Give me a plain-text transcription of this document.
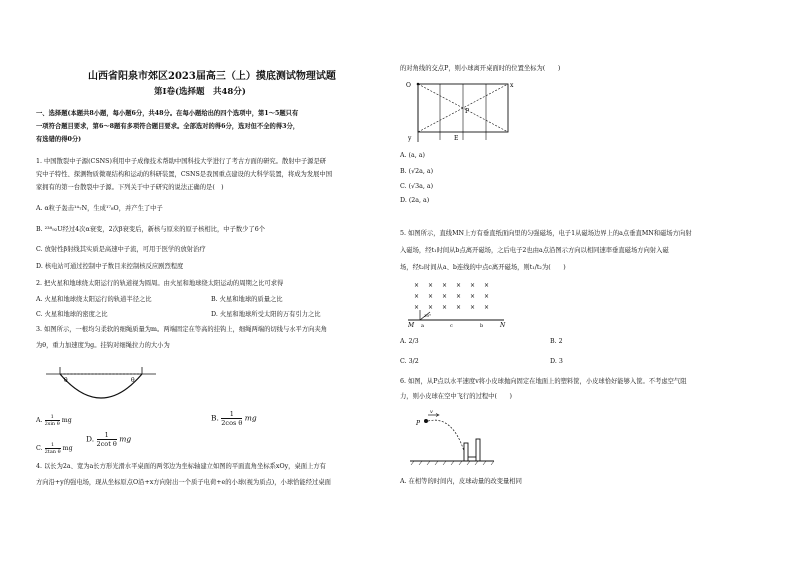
山西省阳泉市郊区2023届高三（上）摸底测试物理试题
第Ⅰ卷(选择题　共48分)
一、选择题(本题共8小题，每小题6分，共48分。在每小题给出的四个选项中，第1～5题只有
一项符合题目要求，第6～8题有多项符合题目要求。全部选对的得6分，选对但不全的得3分，
有选错的得0分)
1. 中国散裂中子源(CSNS)利用中子成像技术帮助中国科技大学进行了考古方面的研究。散射中子源是研
究中子特性、探测物质微观结构和运动的科研装置，CSNS是我国重点建设的大科学装置，将成为发展中国
家拥有的第一台散裂中子源。下列关于中子研究的说法正确的是(　)
A. α粒子轰击¹⁴₇N，生成¹⁷₈O，并产生了中子
B. ²³⁸₉₂U经过4次α衰变，2次β衰变后，新核与原来的原子核相比，中子数少了6个
C. 放射性β射线其实质是高速中子流，可用于医学的放射治疗
D. 核电站可通过控制中子数目来控制核反应剧烈程度
2. 把火星和地球绕太阳运行的轨道视为圆周。由火星和地球绕太阳运动的周期之比可求得
A. 火星和地球绕太阳运行的轨道半径之比	B. 火星和地球的质量之比
C. 火星和地球的密度之比	D. 火星和地球所受太阳的万有引力之比
3. 如图所示，一根均匀柔软的细绳质量为m。两端固定在等高的挂钩上，细绳两端的切线与水平方向夹角
为θ，重力加速度为g。挂钩对细绳拉力的大小为
θ	θ
A. $\frac{1}{\text{2sin θ}}$ mg	B. $\frac{1}{\text{2cos θ}}$ mg
C. $\frac{1}{\text{2tan θ}}$ mg
D. $\frac{1}{\text{2cot θ}}$ mg
4. 以长为2a、宽为a长方形光滑水平桌面的两邻边为坐标轴建立如图的平面直角坐标系xOy，桌面上方有
方向沿+y的强电场，现从坐标原点O沿+x方向射出一个质子电荷+e的小球(视为质点)，小球恰能经过桌面
的对角线的交点P，则小球离开桌面时的位置坐标为(　　)
O	x
y
P
E
A. (a, a)
B. (√2a, a)
C. (√3a, a)
D. (2a, a)
5. 如图所示，直线MN上方有垂直纸面向里的匀强磁场，电子1从磁场边界上的a点垂直MN和磁场方向射
入磁场，经t₁时间从b点离开磁场，之后电子2也由a点沿图示方向以相同速率垂直磁场方向射入磁
场，经t₂时间从a、b连线的中点c离开磁场，则t₁/t₂为(　　)
× × × × × ×
× × × × × ×
× × × × × ×
M	N
a	c	b
30°
A. 2/3	B. 2
C. 3/2	D. 3
6. 如图，从P点以水平速度v将小皮球抛向固定在地面上的塑料筐，小皮球恰好能够入筐。不考虑空气阻
力，则小皮球在空中飞行的过程中(　　)
P
v
A. 在相等的时间内，皮球动量的改变量相同
